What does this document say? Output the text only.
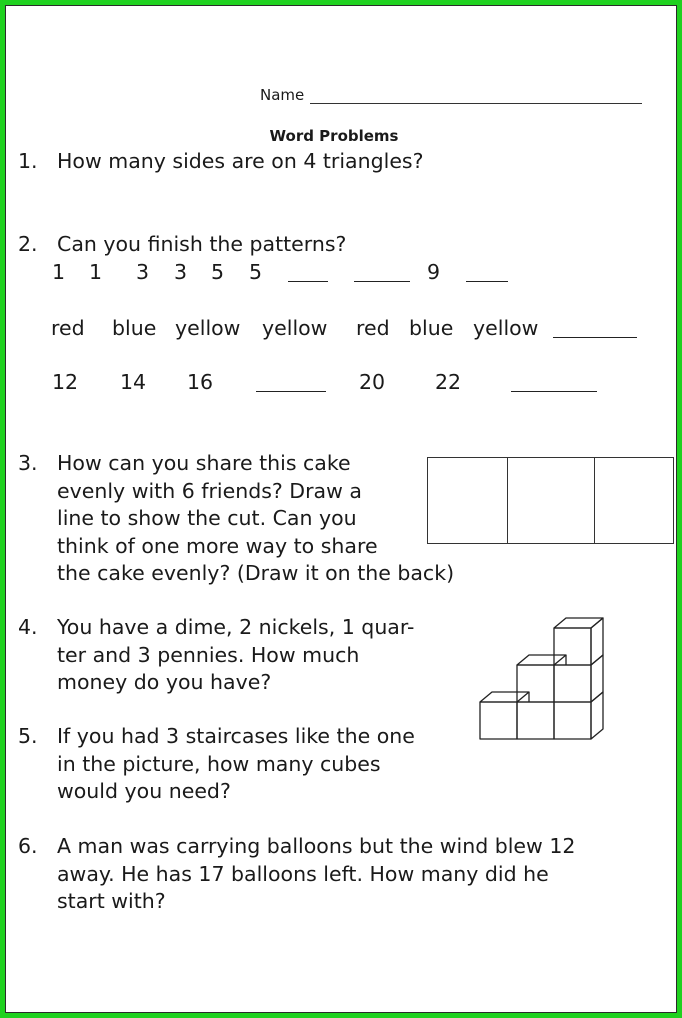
Name
Word Problems
1. How many sides are on 4 triangles?
2. Can you finish the patterns?
1 1 3 3 5 5	9
red blue yellow yellow red blue yellow
12 14 16	20 22
3. How can you share this cake
evenly with 6 friends? Draw a
line to show the cut. Can you
think of one more way to share
the cake evenly? (Draw it on the back)
4. You have a dime, 2 nickels, 1 quar-
ter and 3 pennies. How much
money do you have?
5. If you had 3 staircases like the one
in the picture, how many cubes
would you need?
6. A man was carrying balloons but the wind blew 12
away. He has 17 balloons left. How many did he
start with?
